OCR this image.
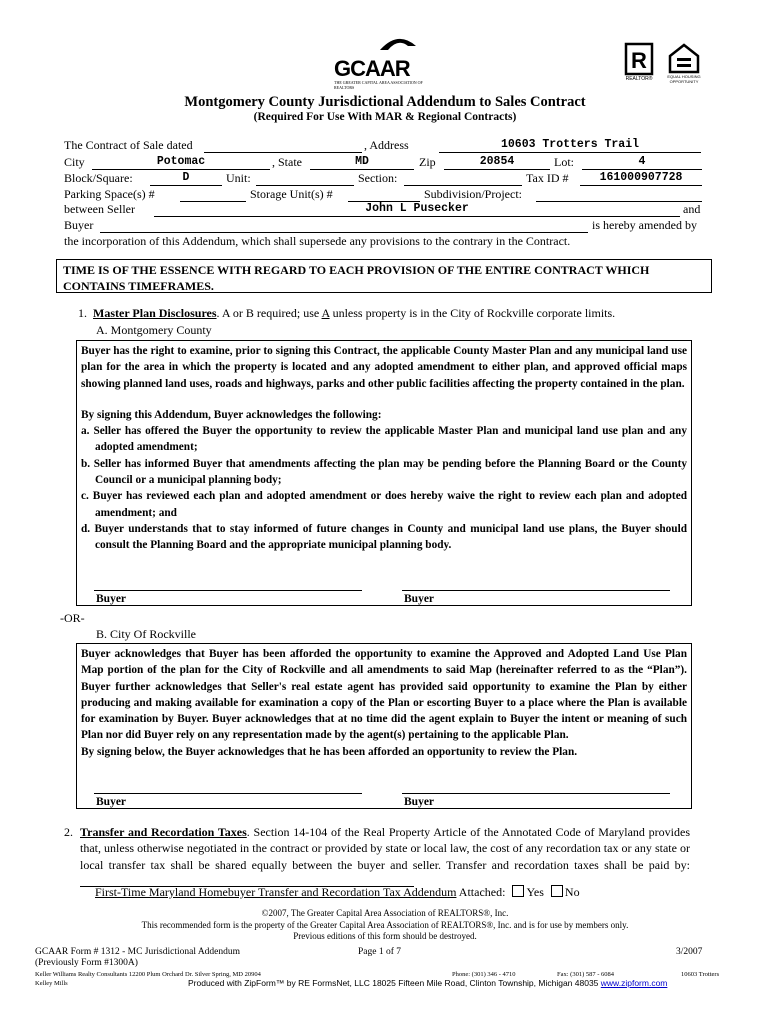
GCAAR
THE GREATER CAPITAL AREA ASSOCIATION OF REALTORS
R
REALTOR®	EQUAL HOUSING OPPORTUNITY
Montgomery County Jurisdictional Addendum to Sales Contract
(Required For Use With MAR & Regional Contracts)
The Contract of Sale dated	, Address	10603 Trotters Trail
City	Potomac	, State	MD	Zip	20854	Lot:	4
Block/Square:	D	Unit:	Section:	Tax ID #	161000907728
Parking Space(s) #	Storage Unit(s) #	Subdivision/Project:
between Seller	John L Pusecker	and
Buyer	is hereby amended by
the incorporation of this Addendum, which shall supersede any provisions to the contrary in the Contract.
TIME IS OF THE ESSENCE WITH REGARD TO EACH PROVISION OF THE ENTIRE CONTRACT WHICH CONTAINS TIMEFRAMES.
1. Master Plan Disclosures. A or B required; use A unless property is in the City of Rockville corporate limits.
A. Montgomery County

Buyer has the right to examine, prior to signing this Contract, the applicable County Master Plan and any municipal land use plan for the area in which the property is located and any adopted amendment to either plan, and approved official maps showing planned land uses, roads and highways, parks and other public facilities affecting the property contained in the plan.

By signing this Addendum, Buyer acknowledges the following:

a. Seller has offered the Buyer the opportunity to review the applicable Master Plan and municipal land use plan and any adopted amendment;

b. Seller has informed Buyer that amendments affecting the plan may be pending before the Planning Board or the County Council or a municipal planning body;

c. Buyer has reviewed each plan and adopted amendment or does hereby waive the right to review each plan and adopted amendment; and

d. Buyer understands that to stay informed of future changes in County and municipal land use plans, the Buyer should consult the Planning Board and the appropriate municipal planning body.

Buyer	Buyer
-OR-
B. City Of Rockville

Buyer acknowledges that Buyer has been afforded the opportunity to examine the Approved and Adopted Land Use Plan Map portion of the plan for the City of Rockville and all amendments to said Map (hereinafter referred to as the “Plan”). Buyer further acknowledges that Seller's real estate agent has provided said opportunity to examine the Plan by either producing and making available for examination a copy of the Plan or escorting Buyer to a place where the Plan is available for examination by Buyer. Buyer acknowledges that at no time did the agent explain to Buyer the intent or meaning of such Plan nor did Buyer rely on any representation made by the agent(s) pertaining to the applicable Plan.

By signing below, the Buyer acknowledges that he has been afforded an opportunity to review the Plan.

Buyer	Buyer
2. Transfer and Recordation Taxes. Section 14-104 of the Real Property Article of the Annotated Code of Maryland provides that, unless otherwise negotiated in the contract or provided by state or local law, the cost of any recordation tax or any state or local transfer tax shall be shared equally between the buyer and seller. Transfer and recordation taxes shall be paid by:
First-Time Maryland Homebuyer Transfer and Recordation Tax Addendum Attached: Yes No
©2007, The Greater Capital Area Association of REALTORS®, Inc.
This recommended form is the property of the Greater Capital Area Association of REALTORS®, Inc. and is for use by members only.
Previous editions of this form should be destroyed.
GCAAR Form # 1312 - MC Jurisdictional Addendum
(Previously Form #1300A)
Page 1 of 7	3/2007
Keller Williams Realty Consultants 12200 Plum Orchard Dr. Silver Spring, MD 20904	Phone: (301) 346 - 4710	Fax: (301) 587 - 6084	10603 Trotters
Kelley Mills	Produced with ZipForm™ by RE FormsNet, LLC 18025 Fifteen Mile Road, Clinton Township, Michigan 48035 www.zipform.com
